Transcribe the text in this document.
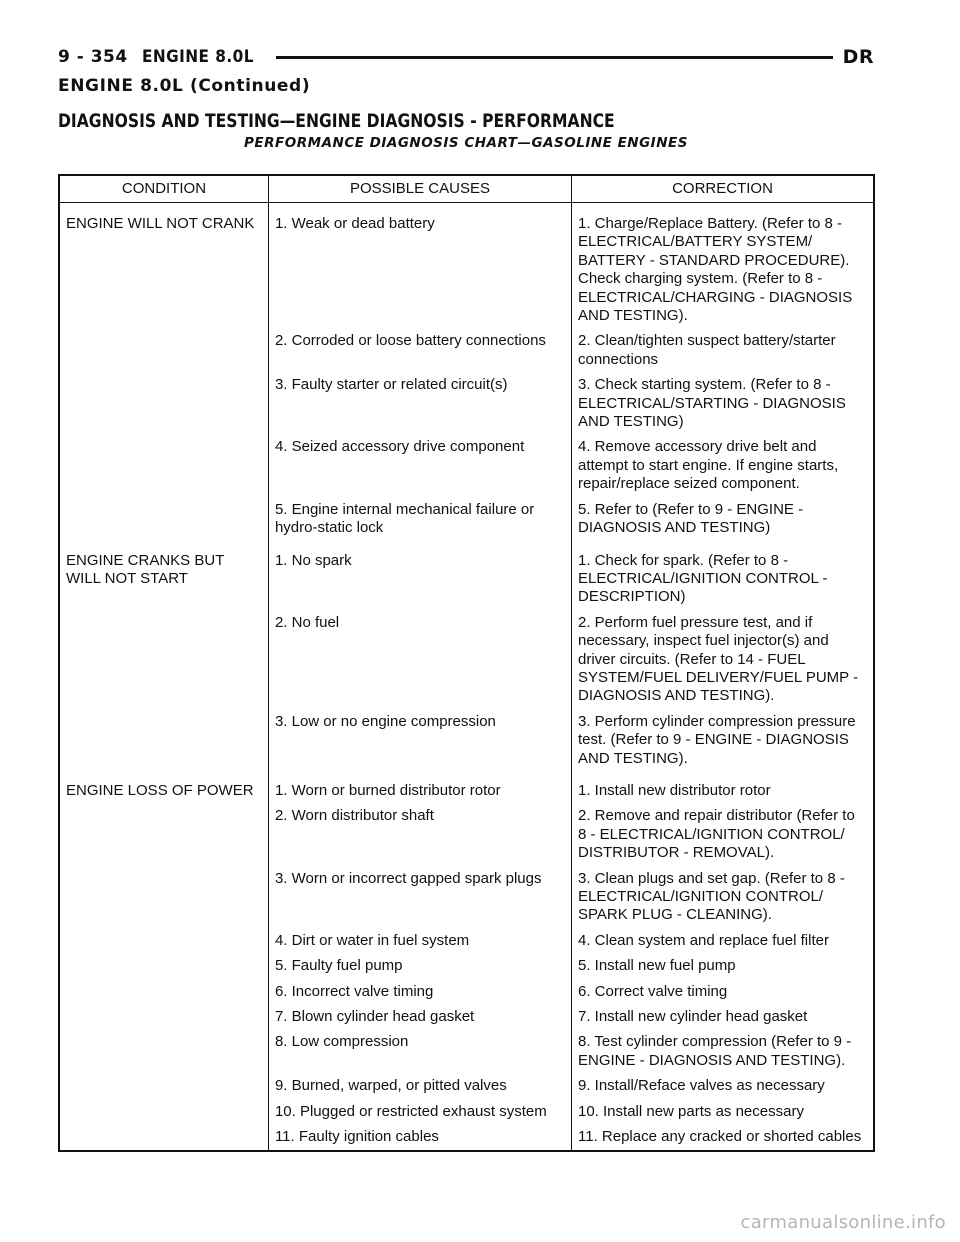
9 - 354 ENGINE 8.0L	DR
ENGINE 8.0L (Continued)
DIAGNOSIS AND TESTING—ENGINE DIAGNOSIS - PERFORMANCE
PERFORMANCE DIAGNOSIS CHART—GASOLINE ENGINES
CONDITION	POSSIBLE CAUSES	CORRECTION
ENGINE WILL NOT CRANK	1. Weak or dead battery	1. Charge/Replace Battery. (Refer to 8 - ELECTRICAL/BATTERY SYSTEM/ BATTERY - STANDARD PROCEDURE). Check charging system. (Refer to 8 - ELECTRICAL/CHARGING - DIAGNOSIS AND TESTING).
	2. Corroded or loose battery connections	2. Clean/tighten suspect battery/starter connections
	3. Faulty starter or related circuit(s)	3. Check starting system. (Refer to 8 - ELECTRICAL/STARTING - DIAGNOSIS AND TESTING)
	4. Seized accessory drive component	4. Remove accessory drive belt and attempt to start engine. If engine starts, repair/replace seized component.
	5. Engine internal mechanical failure or hydro-static lock	5. Refer to (Refer to 9 - ENGINE - DIAGNOSIS AND TESTING)
ENGINE CRANKS BUT WILL NOT START	1. No spark	1. Check for spark. (Refer to 8 - ELECTRICAL/IGNITION CONTROL - DESCRIPTION)
	2. No fuel	2. Perform fuel pressure test, and if necessary, inspect fuel injector(s) and driver circuits. (Refer to 14 - FUEL SYSTEM/FUEL DELIVERY/FUEL PUMP - DIAGNOSIS AND TESTING).
	3. Low or no engine compression	3. Perform cylinder compression pressure test. (Refer to 9 - ENGINE - DIAGNOSIS AND TESTING).
ENGINE LOSS OF POWER	1. Worn or burned distributor rotor	1. Install new distributor rotor
	2. Worn distributor shaft	2. Remove and repair distributor (Refer to 8 - ELECTRICAL/IGNITION CONTROL/ DISTRIBUTOR - REMOVAL).
	3. Worn or incorrect gapped spark plugs	3. Clean plugs and set gap. (Refer to 8 - ELECTRICAL/IGNITION CONTROL/ SPARK PLUG - CLEANING).
	4. Dirt or water in fuel system	4. Clean system and replace fuel filter
	5. Faulty fuel pump	5. Install new fuel pump
	6. Incorrect valve timing	6. Correct valve timing
	7. Blown cylinder head gasket	7. Install new cylinder head gasket
	8. Low compression	8. Test cylinder compression (Refer to 9 - ENGINE - DIAGNOSIS AND TESTING).
	9. Burned, warped, or pitted valves	9. Install/Reface valves as necessary
	10. Plugged or restricted exhaust system	10. Install new parts as necessary
	11. Faulty ignition cables	11. Replace any cracked or shorted cables
carmanualsonline.info
